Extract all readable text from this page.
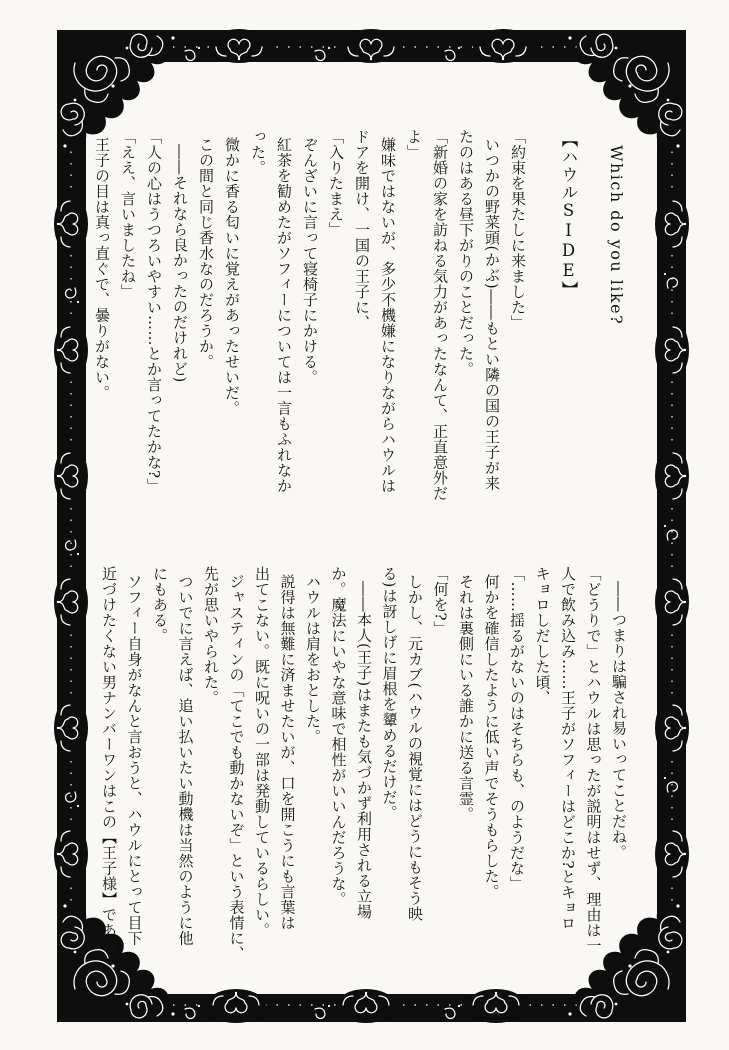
Which do you like?

【ハウルSIDE】

「約束を果たしに来ました」

いつかの野菜頭(かぶ)――もとい隣の国の王子が来

たのはある昼下がりのことだった。

「新婚の家を訪ねる気力があったなんて、正直意外だ

よ」

嫌味ではないが、多少不機嫌になりながらハウルは

ドアを開け、一国の王子に、

「入りたまえ」

ぞんざいに言って寝椅子にかける。

紅茶を勧めたがソフィーについては一言もふれなか

った。

微かに香る匂いに覚えがあったせいだ。

この間と同じ香水なのだろうか。

――それなら良かったのだけれど)

「人の心はうつろいやすい……とか言ってたかな?」

「ええ、言いましたね」

王子の目は真っ直ぐで、曇りがない。

――つまりは騙され易いってことだね。

「どうりで」とハウルは思ったが説明はせず、理由は一

人で飲み込み……王子がソフィーはどこか?とキョロ

キョロしだした頃、

「……揺るがないのはそちらも、のようだな」

何かを確信したように低い声でそうもらした。

それは裏側にいる誰かに送る言霊。

「何を?」

しかし、元カブ(ハウルの視覚にはどうにもそう映

る)は訝しげに眉根を顰めるだけだ。

――本人(王子)はまたも気づかず利用される立場

か。魔法にいやな意味で相性がいいんだろうな。

ハウルは肩をおとした。

説得は無難に済ませたいが、口を開こうにも言葉は

出てこない。既に呪いの一部は発動しているらしい。

ジャスティンの「てこでも動かないぞ」という表情に、

先が思いやられた。

ついでに言えば、追い払いたい動機は当然のように他

にもある。

ソフィー自身がなんと言おうと、ハウルにとって目下

近づけたくない男ナンバーワンはこの【王子様】である
